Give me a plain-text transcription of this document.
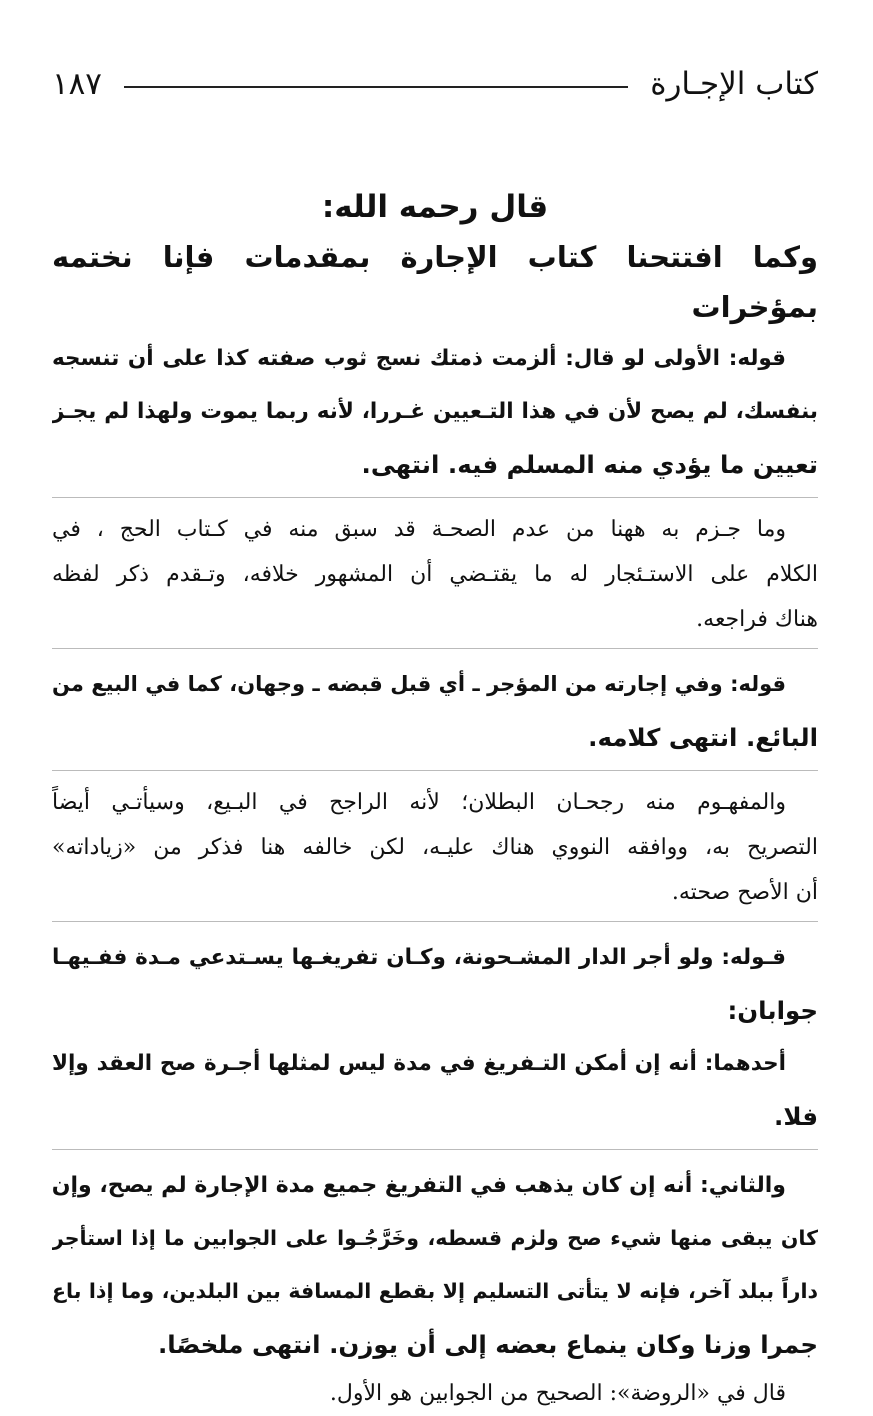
كتاب الإجـارة
١٨٧
قال رحمه الله:
وكما افتتحنا كتاب الإجارة بمقدمات فإنا نختمه بمؤخرات

قوله: الأولى لو قال: ألزمت ذمتك نسج ثوب صفته كذا على أن تنسجه
بنفسك، لم يصح لأن في هذا التـعيين غـررا، لأنه ربما يموت ولهذا لم يجـز
تعيين ما يؤدي منه المسلم فيه. انتهى.

وما جـزم به ههنا من عدم الصحـة قد سبق منه في كـتاب الحج ، في
الكلام على الاستـئجار له ما يقتـضي أن المشهور خلافه، وتـقدم ذكر لفظه
هناك فراجعه.

قوله: وفي إجارته من المؤجر ـ أي قبل قبضه ـ وجهان، كما في البيع من
البائع. انتهى كلامه.

والمفهـوم منه رجحـان البطلان؛ لأنه الراجح في البـيع، وسيأتـي أيضاً
التصريح به، ووافقه النووي هناك عليـه، لكن خالفه هنا فذكر من «زياداته»
أن الأصح صحته.

قـوله: ولو أجر الدار المشـحونة، وكـان تفريغـها يسـتدعي مـدة ففـيهـا
جوابان:

أحدهما: أنه إن أمكن التـفريغ في مدة ليس لمثلها أجـرة صح العقد وإلا
فلا.

والثاني: أنه إن كان يذهب في التفريغ جميع مدة الإجارة لم يصح، وإن
كان يبقى منها شيء صح ولزم قسطه، وخَرَّجُـوا على الجوابين ما إذا استأجر
داراً ببلد آخر، فإنه لا يتأتى التسليم إلا بقطع المسافة بين البلدين، وما إذا باع
جمرا وزنا وكان ينماع بعضه إلى أن يوزن. انتهى ملخصًا.

قال في «الروضة»: الصحيح من الجوابين هو الأول.
